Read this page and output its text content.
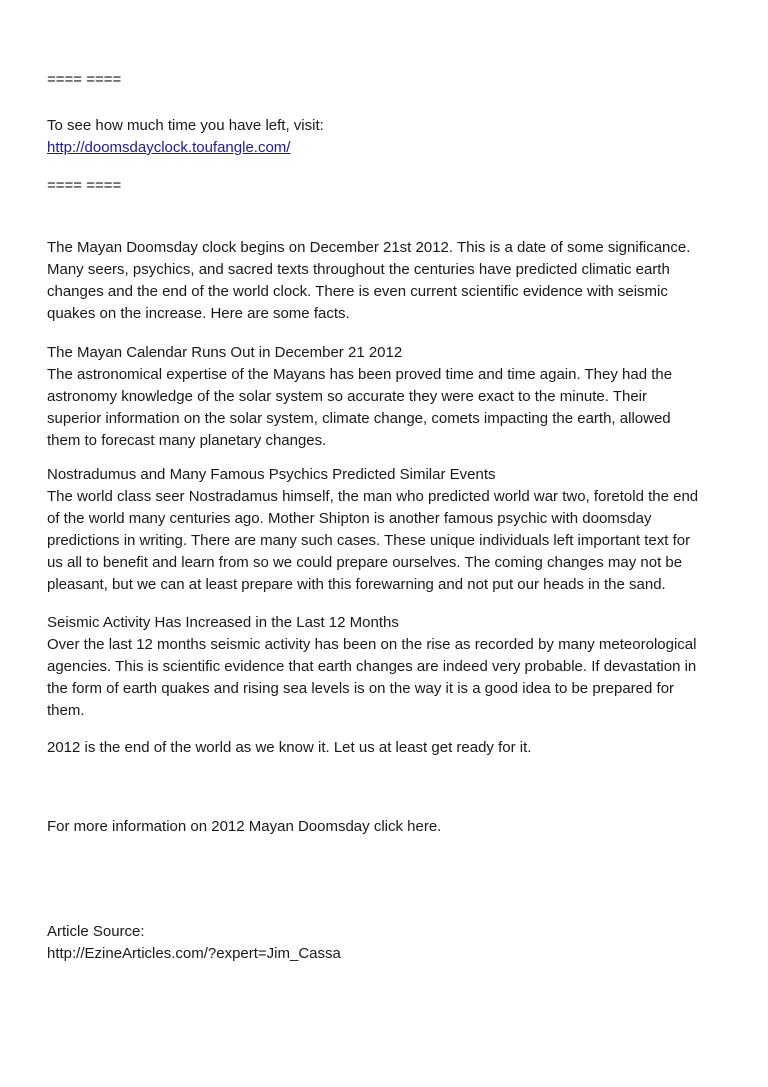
==== ====
To see how much time you have left, visit:
http://doomsdayclock.toufangle.com/
==== ====
The Mayan Doomsday clock begins on December 21st 2012. This is a date of some significance.
Many seers, psychics, and sacred texts throughout the centuries have predicted climatic earth
changes and the end of the world clock. There is even current scientific evidence with seismic
quakes on the increase. Here are some facts.
The Mayan Calendar Runs Out in December 21 2012
The astronomical expertise of the Mayans has been proved time and time again. They had the
astronomy knowledge of the solar system so accurate they were exact to the minute. Their
superior information on the solar system, climate change, comets impacting the earth, allowed
them to forecast many planetary changes.
Nostradumus and Many Famous Psychics Predicted Similar Events
The world class seer Nostradamus himself, the man who predicted world war two, foretold the end
of the world many centuries ago. Mother Shipton is another famous psychic with doomsday
predictions in writing. There are many such cases. These unique individuals left important text for
us all to benefit and learn from so we could prepare ourselves. The coming changes may not be
pleasant, but we can at least prepare with this forewarning and not put our heads in the sand.
Seismic Activity Has Increased in the Last 12 Months
Over the last 12 months seismic activity has been on the rise as recorded by many meteorological
agencies. This is scientific evidence that earth changes are indeed very probable. If devastation in
the form of earth quakes and rising sea levels is on the way it is a good idea to be prepared for
them.
2012 is the end of the world as we know it. Let us at least get ready for it.
For more information on 2012 Mayan Doomsday click here.
Article Source:
http://EzineArticles.com/?expert=Jim_Cassa
